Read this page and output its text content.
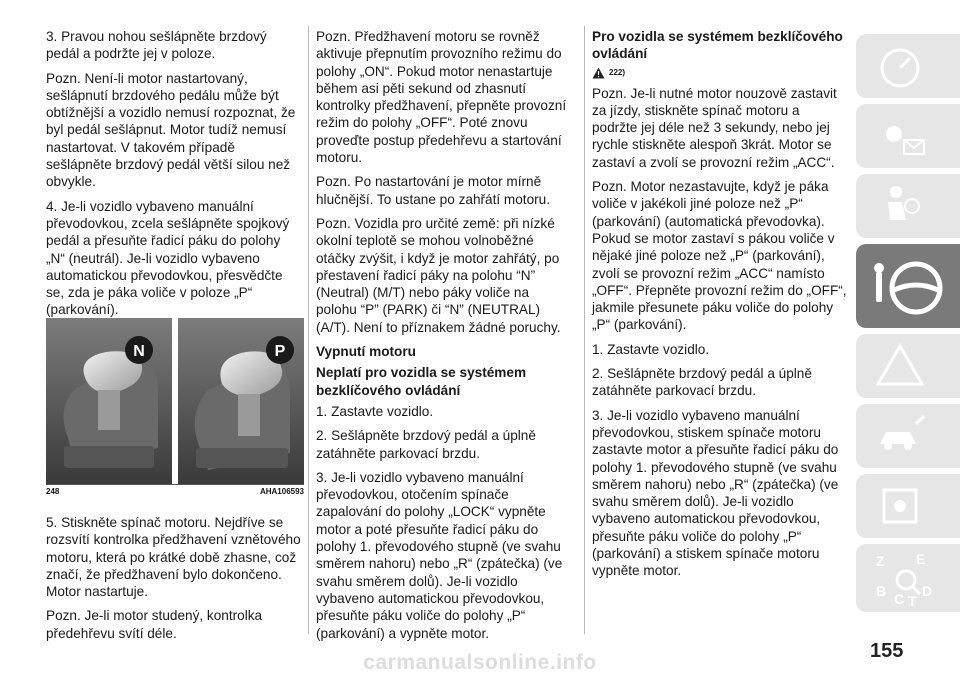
3. Pravou nohou sešlápněte brzdový pedál a podržte jej v poloze.

Pozn. Není-li motor nastartovaný, sešlápnutí brzdového pedálu může být obtížnější a vozidlo nemusí rozpoznat, že byl pedál sešlápnut. Motor tudíž nemusí nastartovat. V takovém případě sešlápněte brzdový pedál větší silou než obvykle.

4. Je-li vozidlo vybaveno manuální převodovkou, zcela sešlápněte spojkový pedál a přesuňte řadicí páku do polohy „N“ (neutrál). Je-li vozidlo vybaveno automatickou převodovkou, přesvědčte se, zda je páka voliče v poloze „P“ (parkování).

N	P
248	AHA106593

5. Stiskněte spínač motoru. Nejdříve se rozsvítí kontrolka předžhavení vznětového motoru, která po krátké době zhasne, což značí, že předžhavení bylo dokončeno. Motor nastartuje.

Pozn. Je-li motor studený, kontrolka předehřevu svítí déle.

Pozn. Předžhavení motoru se rovněž aktivuje přepnutím provozního režimu do polohy „ON“. Pokud motor nenastartuje během asi pěti sekund od zhasnutí kontrolky předžhavení, přepněte provozní režim do polohy „OFF“. Poté znovu proveďte postup předehřevu a startování motoru.

Pozn. Po nastartování je motor mírně hlučnější. To ustane po zahřátí motoru.

Pozn. Vozidla pro určité země: při nízké okolní teplotě se mohou volnoběžné otáčky zvýšit, i když je motor zahřátý, po přestavení řadicí páky na polohu “N” (Neutral) (M/T) nebo páky voliče na polohu “P” (PARK) či “N” (NEUTRAL) (A/T). Není to příznakem žádné poruchy.

Vypnutí motoru
Neplatí pro vozidla se systémem bezklíčového ovládání

1. Zastavte vozidlo.

2. Sešlápněte brzdový pedál a úplně zatáhněte parkovací brzdu.

3. Je-li vozidlo vybaveno manuální převodovkou, otočením spínače zapalování do polohy „LOCK“ vypněte motor a poté přesuňte řadicí páku do polohy 1. převodového stupně (ve svahu směrem nahoru) nebo „R“ (zpátečka) (ve svahu směrem dolů). Je-li vozidlo vybaveno automatickou převodovkou, přesuňte páku voliče do polohy „P“ (parkování) a vypněte motor.

Pro vozidla se systémem bezklíčového ovládání
222)

Pozn. Je-li nutné motor nouzově zastavit za jízdy, stiskněte spínač motoru a podržte jej déle než 3 sekundy, nebo jej rychle stiskněte alespoň 3krát. Motor se zastaví a zvolí se provozní režim „ACC“.

Pozn. Motor nezastavujte, když je páka voliče v jakékoli jiné poloze než „P“ (parkování) (automatická převodovka). Pokud se motor zastaví s pákou voliče v nějaké jiné poloze než „P“ (parkování), zvolí se provozní režim „ACC“ namísto „OFF“. Přepněte provozní režim do „OFF“, jakmile přesunete páku voliče do polohy „P“ (parkování).

1. Zastavte vozidlo.

2. Sešlápněte brzdový pedál a úplně zatáhněte parkovací brzdu.

3. Je-li vozidlo vybaveno manuální převodovkou, stiskem spínače motoru zastavte motor a přesuňte řadicí páku do polohy 1. převodového stupně (ve svahu směrem nahoru) nebo „R“ (zpátečka) (ve svahu směrem dolů). Je-li vozidlo vybaveno automatickou převodovkou, přesuňte páku voliče do polohy „P“ (parkování) a stiskem spínače motoru vypněte motor.

Z E
B	D
C T
155
carmanualsonline.info
